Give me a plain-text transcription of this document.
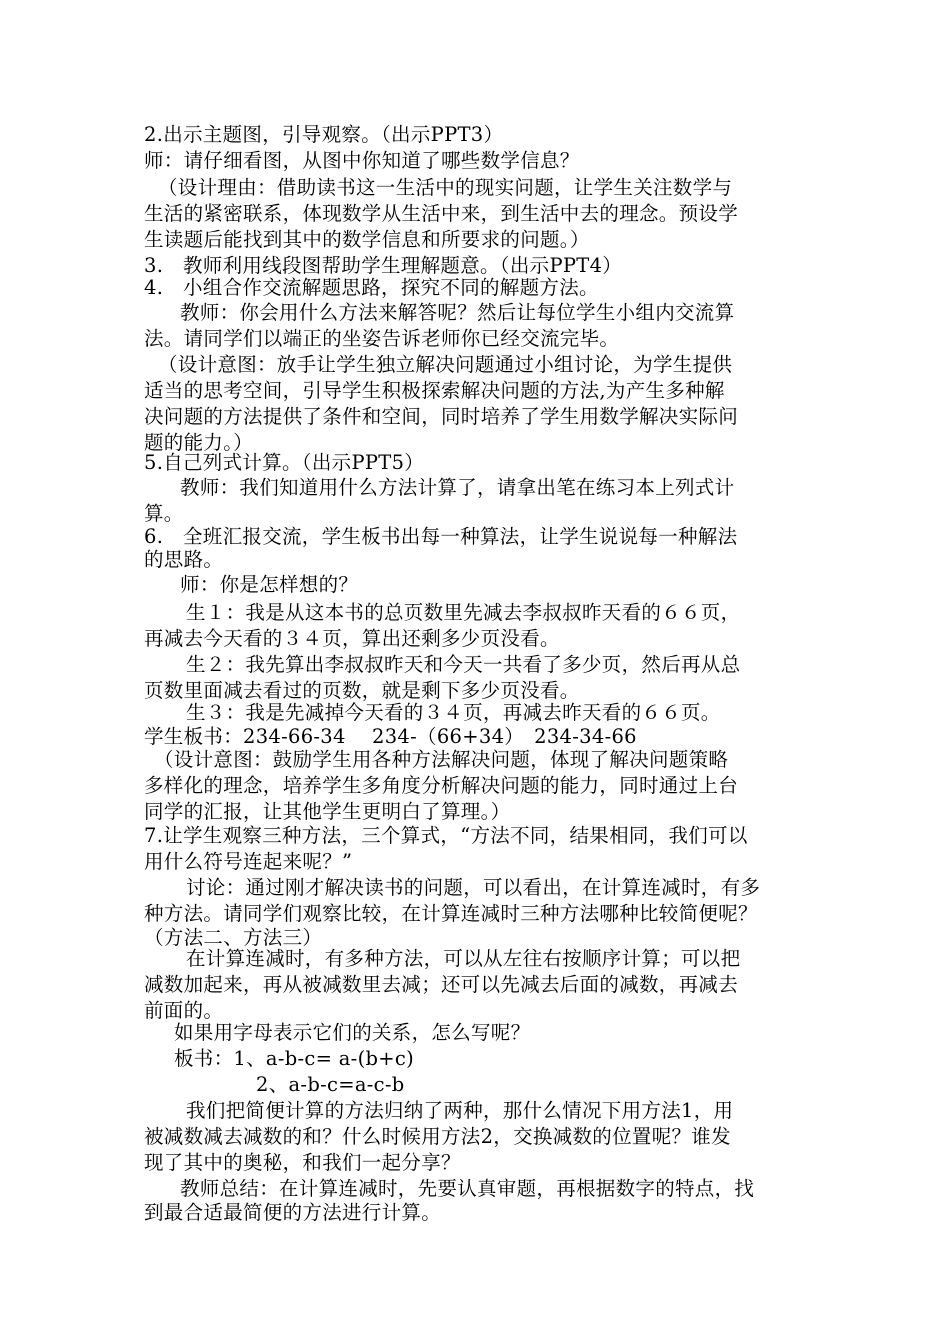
2.出示主题图，引导观察。（出示PPT3）
师：请仔细看图，从图中你知道了哪些数学信息？
（设计理由：借助读书这一生活中的现实问题，让学生关注数学与
生活的紧密联系，体现数学从生活中来，到生活中去的理念。预设学
生读题后能找到其中的数学信息和所要求的问题。）
3.　教师利用线段图帮助学生理解题意。（出示PPT4）
4.　小组合作交流解题思路，探究不同的解题方法。
教师：你会用什么方法来解答呢？然后让每位学生小组内交流算
法。请同学们以端正的坐姿告诉老师你已经交流完毕。
（设计意图：放手让学生独立解决问题通过小组讨论，为学生提供
适当的思考空间，引导学生积极探索解决问题的方法,为产生多种解
决问题的方法提供了条件和空间，同时培养了学生用数学解决实际问
题的能力。）
5.自己列式计算。（出示PPT5）
教师：我们知道用什么方法计算了，请拿出笔在练习本上列式计
算。
6.　全班汇报交流，学生板书出每一种算法，让学生说说每一种解法
的思路。
师：你是怎样想的？
生１：我是从这本书的总页数里先减去李叔叔昨天看的６６页，
再减去今天看的３４页，算出还剩多少页没看。
生２：我先算出李叔叔昨天和今天一共看了多少页，然后再从总
页数里面减去看过的页数，就是剩下多少页没看。
生３：我是先减掉今天看的３４页，再减去昨天看的６６页。
学生板书：234-66-34　 234-（66+34）　234-34-66
（设计意图：鼓励学生用各种方法解决问题，体现了解决问题策略
多样化的理念，培养学生多角度分析解决问题的能力，同时通过上台
同学的汇报，让其他学生更明白了算理。）
7.让学生观察三种方法，三个算式，“方法不同，结果相同，我们可以
用什么符号连起来呢？”
讨论：通过刚才解决读书的问题，可以看出，在计算连减时，有多
种方法。请同学们观察比较，在计算连减时三种方法哪种比较简便呢？
（方法二、方法三）
在计算连减时，有多种方法，可以从左往右按顺序计算；可以把
减数加起来，再从被减数里去减；还可以先减去后面的减数，再减去
前面的。
如果用字母表示它们的关系，怎么写呢？
板书：1、a-b-c= a-(b+c)
2、a-b-c=a-c-b
我们把简便计算的方法归纳了两种，那什么情况下用方法1，用
被减数减去减数的和？什么时候用方法2，交换减数的位置呢？谁发
现了其中的奥秘，和我们一起分享？
教师总结：在计算连减时，先要认真审题，再根据数字的特点，找
到最合适最简便的方法进行计算。
